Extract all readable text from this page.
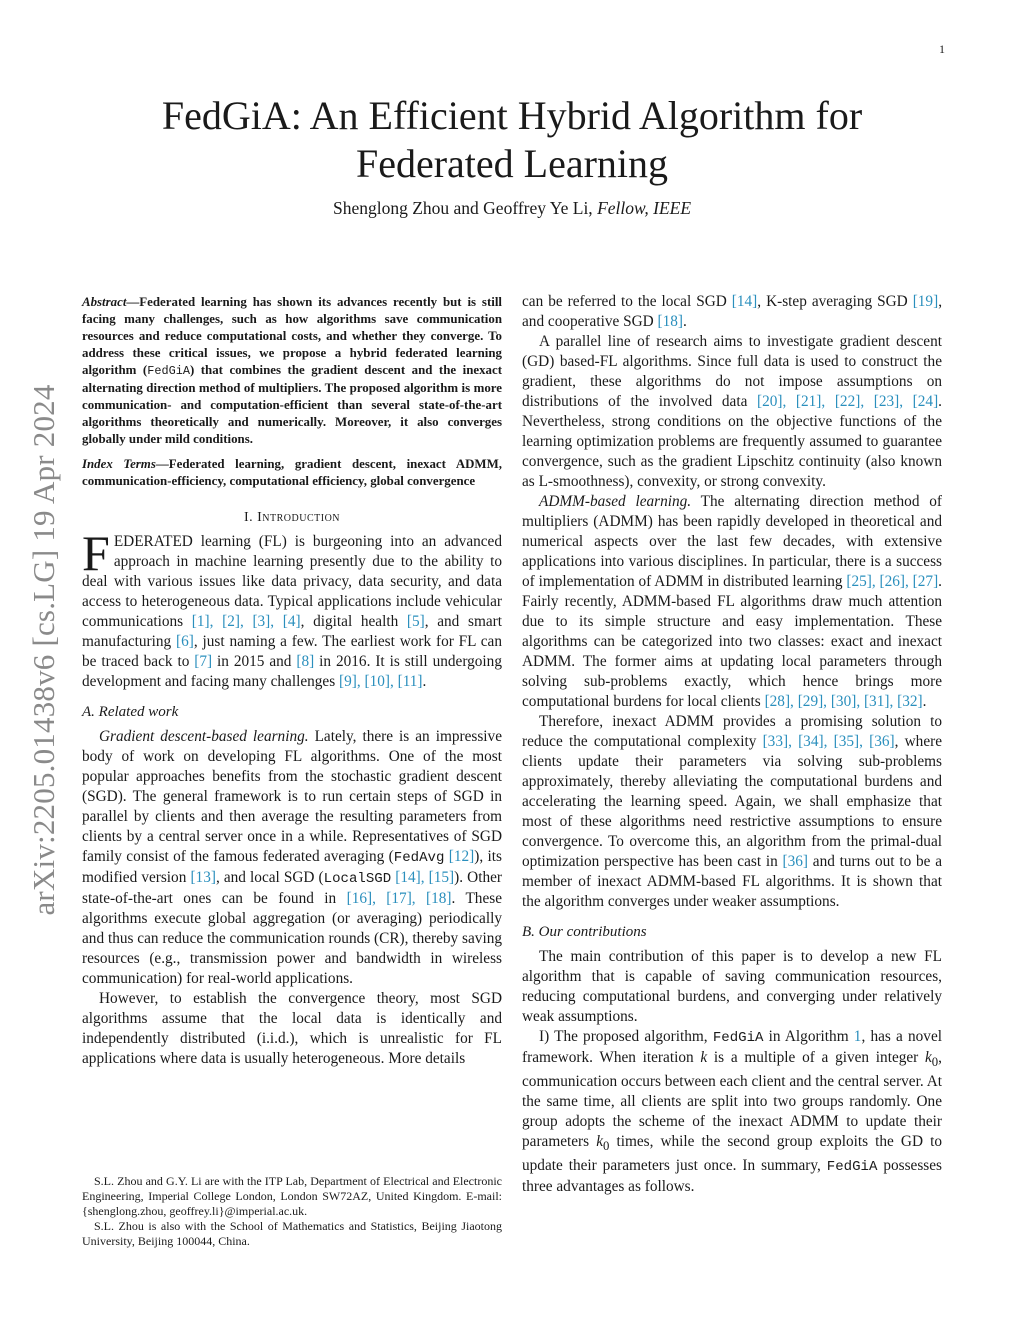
1
arXiv:2205.01438v6 [cs.LG] 19 Apr 2024
FedGiA: An Efficient Hybrid Algorithm for
Federated Learning
Shenglong Zhou and Geoffrey Ye Li, Fellow, IEEE

Abstract—Federated learning has shown its advances recently but is still facing many challenges, such as how algorithms save communication resources and reduce computational costs, and whether they converge. To address these critical issues, we propose a hybrid federated learning algorithm (FedGiA) that combines the gradient descent and the inexact alternating direction method of multipliers. The proposed algorithm is more communication- and computation-efficient than several state-of-the-art algorithms theoretically and numerically. Moreover, it also converges globally under mild conditions.

Index Terms—Federated learning, gradient descent, inexact ADMM, communication-efficiency, computational efficiency, global convergence

I. Introduction

FEDERATED learning (FL) is burgeoning into an advanced approach in machine learning presently due to the ability to deal with various issues like data privacy, data security, and data access to heterogeneous data. Typical applications include vehicular communications [1], [2], [3], [4], digital health [5], and smart manufacturing [6], just naming a few. The earliest work for FL can be traced back to [7] in 2015 and [8] in 2016. It is still undergoing development and facing many challenges [9], [10], [11].

A. Related work

Gradient descent-based learning. Lately, there is an impressive body of work on developing FL algorithms. One of the most popular approaches benefits from the stochastic gradient descent (SGD). The general framework is to run certain steps of SGD in parallel by clients and then average the resulting parameters from clients by a central server once in a while. Representatives of SGD family consist of the famous federated averaging (FedAvg [12]), its modified version [13], and local SGD (LocalSGD [14], [15]). Other state-of-the-art ones can be found in [16], [17], [18]. These algorithms execute global aggregation (or averaging) periodically and thus can reduce the communication rounds (CR), thereby saving resources (e.g., transmission power and bandwidth in wireless communication) for real-world applications.

However, to establish the convergence theory, most SGD algorithms assume that the local data is identically and independently distributed (i.i.d.), which is unrealistic for FL applications where data is usually heterogeneous. More details

S.L. Zhou and G.Y. Li are with the ITP Lab, Department of Electrical and Electronic Engineering, Imperial College London, London SW72AZ, United Kingdom. E-mail: {shenglong.zhou, geoffrey.li}@imperial.ac.uk.

S.L. Zhou is also with the School of Mathematics and Statistics, Beijing Jiaotong University, Beijing 100044, China.

can be referred to the local SGD [14], K-step averaging SGD [19], and cooperative SGD [18].

A parallel line of research aims to investigate gradient descent (GD) based-FL algorithms. Since full data is used to construct the gradient, these algorithms do not impose assumptions on distributions of the involved data [20], [21], [22], [23], [24]. Nevertheless, strong conditions on the objective functions of the learning optimization problems are frequently assumed to guarantee convergence, such as the gradient Lipschitz continuity (also known as L-smoothness), convexity, or strong convexity.

ADMM-based learning. The alternating direction method of multipliers (ADMM) has been rapidly developed in theoretical and numerical aspects over the last few decades, with extensive applications into various disciplines. In particular, there is a success of implementation of ADMM in distributed learning [25], [26], [27]. Fairly recently, ADMM-based FL algorithms draw much attention due to its simple structure and easy implementation. These algorithms can be categorized into two classes: exact and inexact ADMM. The former aims at updating local parameters through solving sub-problems exactly, which hence brings more computational burdens for local clients [28], [29], [30], [31], [32].

Therefore, inexact ADMM provides a promising solution to reduce the computational complexity [33], [34], [35], [36], where clients update their parameters via solving sub-problems approximately, thereby alleviating the computational burdens and accelerating the learning speed. Again, we shall emphasize that most of these algorithms need restrictive assumptions to ensure convergence. To overcome this, an algorithm from the primal-dual optimization perspective has been cast in [36] and turns out to be a member of inexact ADMM-based FL algorithms. It is shown that the algorithm converges under weaker assumptions.

B. Our contributions

The main contribution of this paper is to develop a new FL algorithm that is capable of saving communication resources, reducing computational burdens, and converging under relatively weak assumptions.

I) The proposed algorithm, FedGiA in Algorithm 1, has a novel framework. When iteration k is a multiple of a given integer $k_0$, communication occurs between each client and the central server. At the same time, all clients are split into two groups randomly. One group adopts the scheme of the inexact ADMM to update their parameters $k_0$ times, while the second group exploits the GD to update their parameters just once. In summary, FedGiA possesses three advantages as follows.
